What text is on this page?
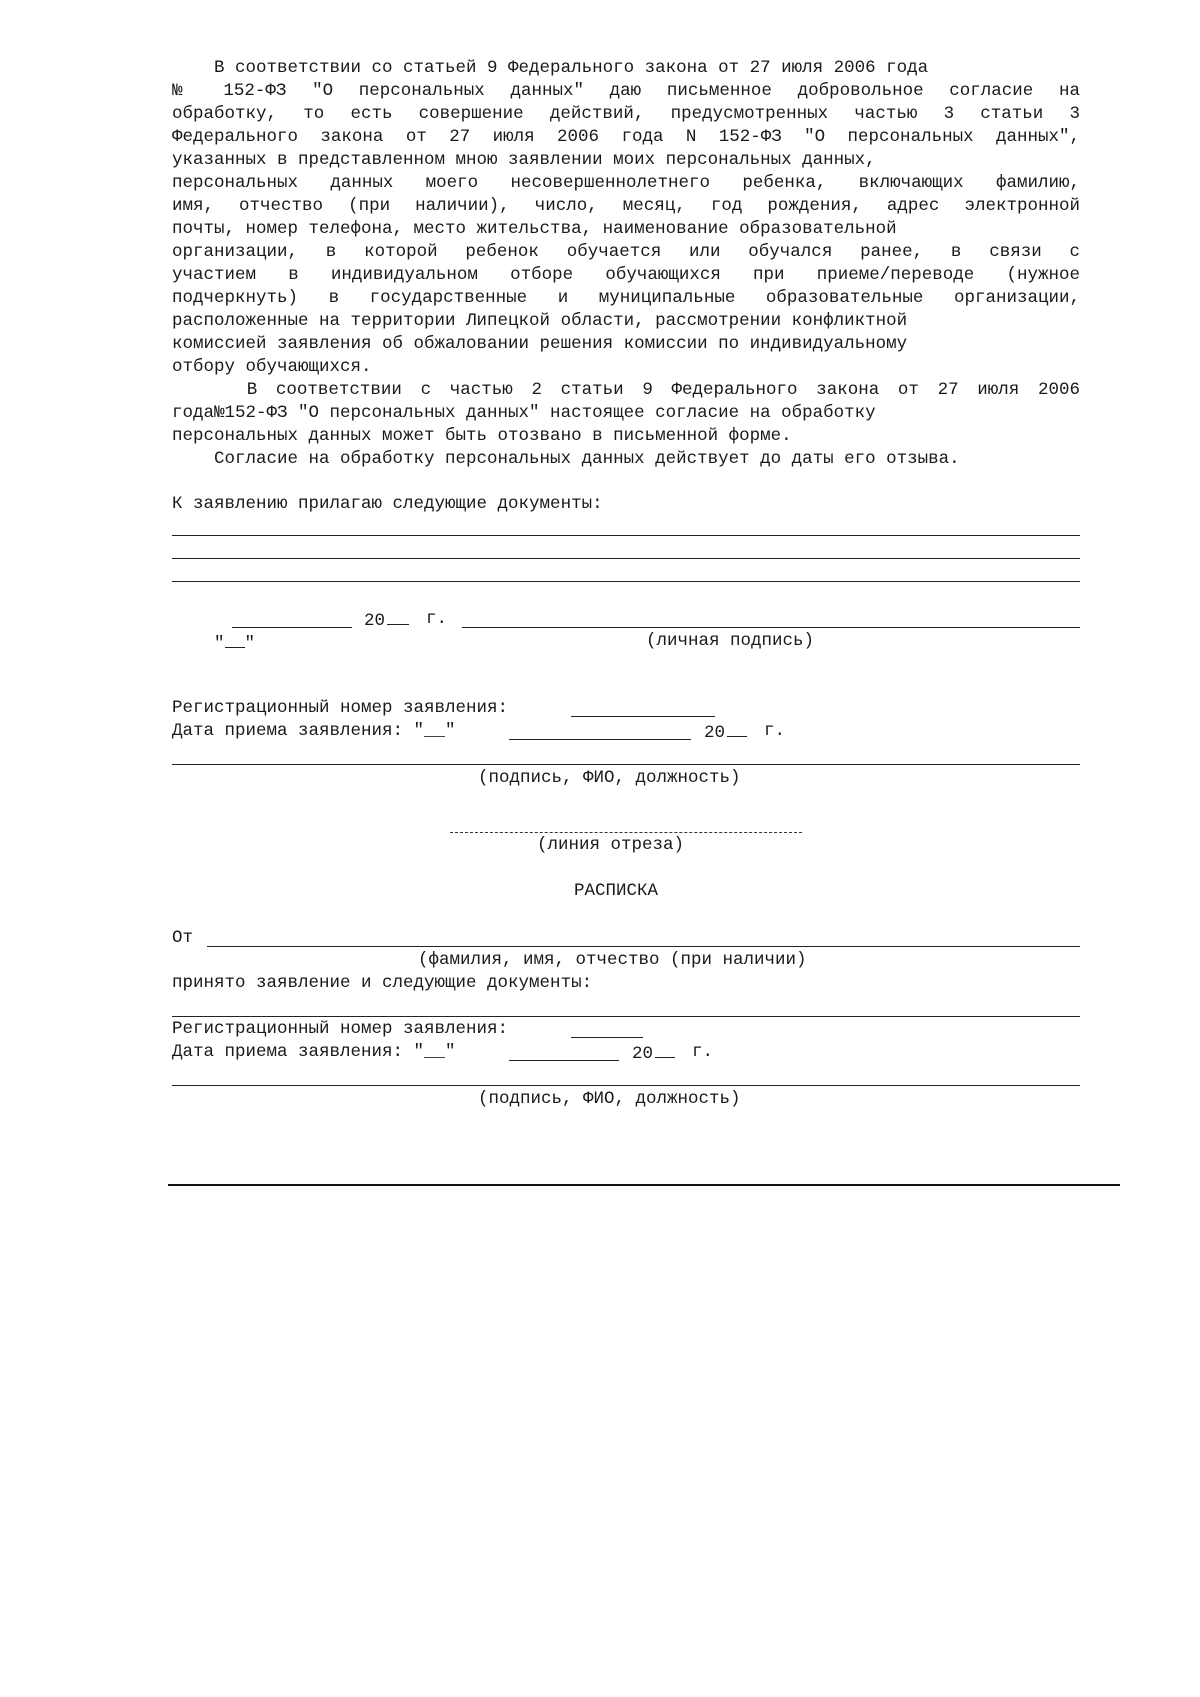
В соответствии со статьей 9 Федерального закона от 27 июля 2006 года
№ 152-ФЗ "О персональных данных" даю письменное добровольное согласие на
обработку, то есть совершение действий, предусмотренных частью 3 статьи 3
Федерального закона от 27 июля 2006 года N 152-ФЗ "О персональных данных",
указанных в представленном мною заявлении моих персональных данных,
персональных данных моего несовершеннолетнего ребенка, включающих фамилию,
имя, отчество (при наличии), число, месяц, год рождения, адрес электронной
почты, номер телефона, место жительства, наименование образовательной
организации, в которой ребенок обучается или обучался ранее, в связи с
участием в индивидуальном отборе обучающихся при приеме/переводе (нужное
подчеркнуть) в государственные и муниципальные образовательные организации,
расположенные на территории Липецкой области, рассмотрении конфликтной
комиссией заявления об обжаловании решения комиссии по индивидуальному
отбору обучающихся.
В соответствии с частью 2 статьи 9 Федерального закона от 27 июля 2006
года№152-ФЗ "О персональных данных" настоящее согласие на обработку
персональных данных может быть отозвано в письменной форме.
Согласие на обработку персональных данных действует до даты его отзыва.
К заявлению прилагаю следующие документы:

" "

20	г.
(личная подпись)
Регистрационный номер заявления:
Дата приема заявления: "__"	20	г.
(подпись, ФИО, должность)
(линия отреза)
РАСПИСКА
От
(фамилия, имя, отчество (при наличии)
принято заявление и следующие документы:
Регистрационный номер заявления:
Дата приема заявления: "__"	20	г.
(подпись, ФИО, должность)
